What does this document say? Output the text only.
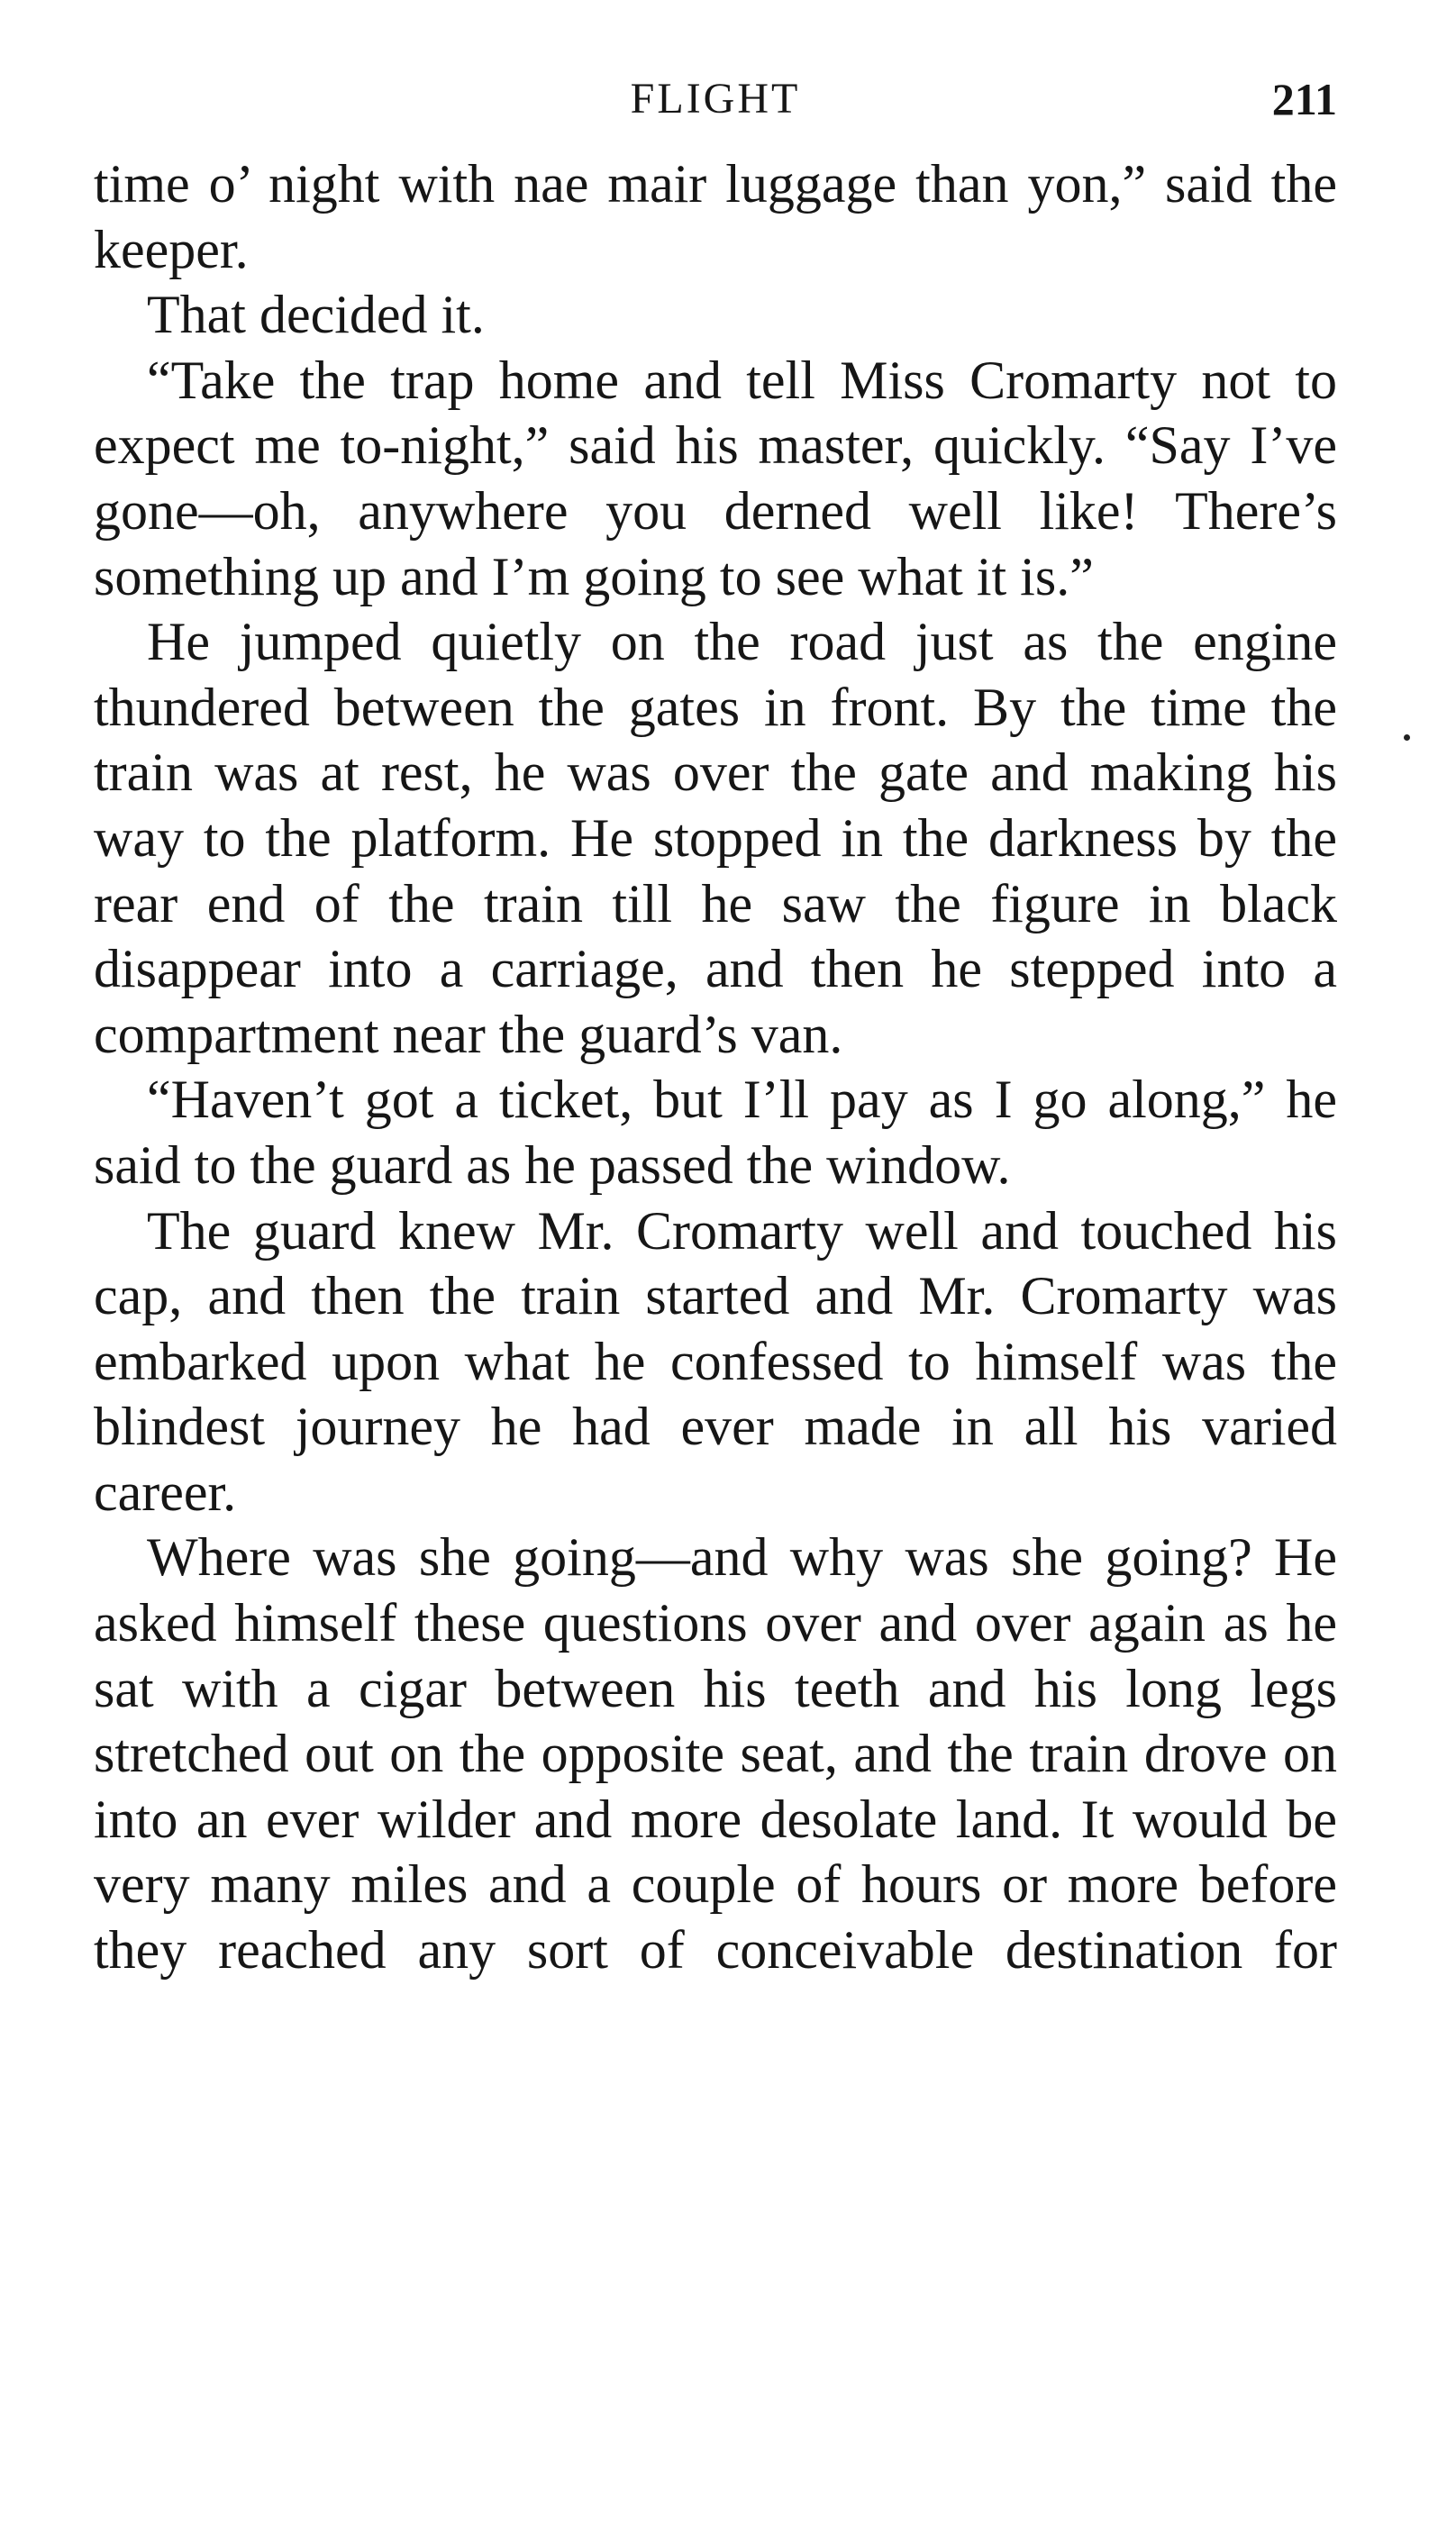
FLIGHT	211

time o’ night with nae mair luggage than yon,” said the keeper.

That decided it.

“Take the trap home and tell Miss Cromarty not to expect me to-night,” said his master, quickly. “Say I’ve gone—oh, anywhere you derned well like! There’s something up and I’m going to see what it is.”

He jumped quietly on the road just as the engine thundered between the gates in front. By the time the train was at rest, he was over the gate and making his way to the platform. He stopped in the darkness by the rear end of the train till he saw the figure in black disappear into a carriage, and then he stepped into a compartment near the guard’s van.

“Haven’t got a ticket, but I’ll pay as I go along,” he said to the guard as he passed the window.

The guard knew Mr. Cromarty well and touched his cap, and then the train started and Mr. Cromarty was embarked upon what he confessed to himself was the blindest journey he had ever made in all his varied career.

Where was she going—and why was she going? He asked himself these questions over and over again as he sat with a cigar between his teeth and his long legs stretched out on the opposite seat, and the train drove on into an ever wilder and more desolate land. It would be very many miles and a couple of hours or more before they reached any sort of conceivable destination for
